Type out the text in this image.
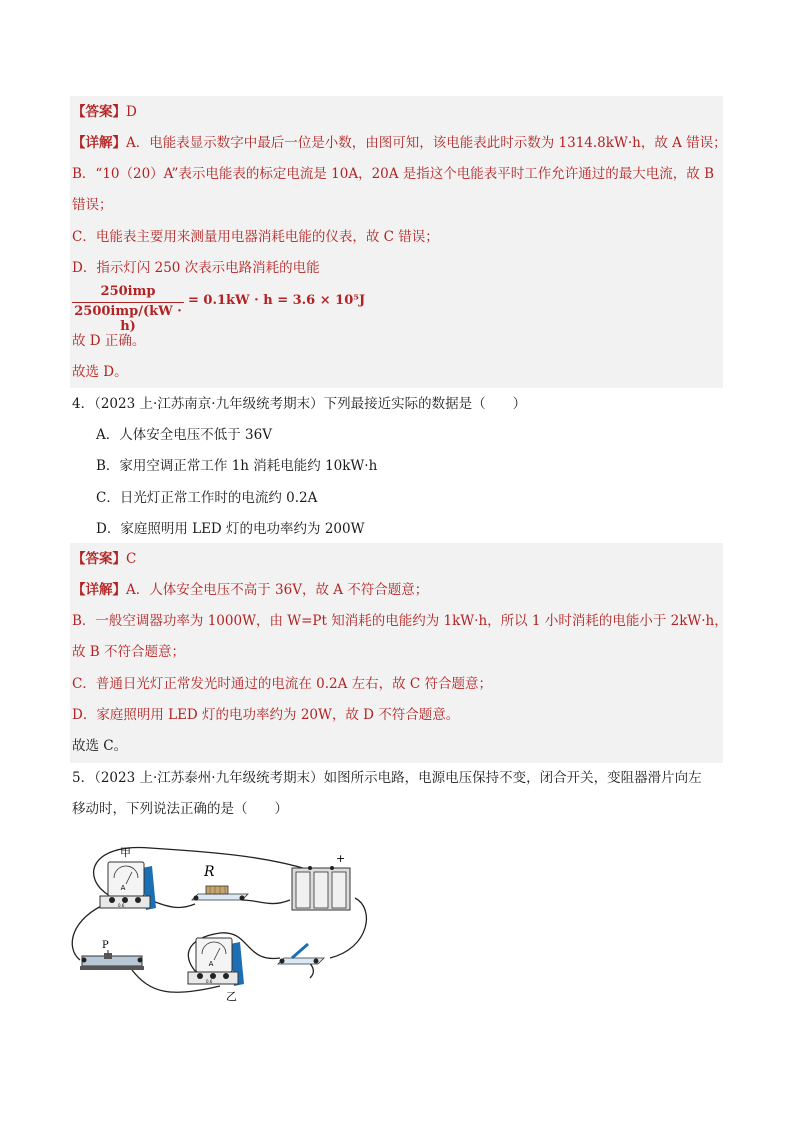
【答案】D
【详解】A．电能表显示数字中最后一位是小数，由图可知，该电能表此时示数为 1314.8kW·h，故 A 错误；
B．“10（20）A”表示电能表的标定电流是 10A，20A 是指这个电能表平时工作允许通过的最大电流，故 B
错误；
C．电能表主要用来测量用电器消耗电能的仪表，故 C 错误；
D．指示灯闪 250 次表示电路消耗的电能
250imp
2500imp/(kW · h)
= 0.1kW · h = 3.6 × 10⁵J
故 D 正确。
故选 D。
4．（2023 上·江苏南京·九年级统考期末）下列最接近实际的数据是（　　）
A．人体安全电压不低于 36V
B．家用空调正常工作 1h 消耗电能约 10kW·h
C．日光灯正常工作时的电流约 0.2A
D．家庭照明用 LED 灯的电功率约为 200W
【答案】C
【详解】A．人体安全电压不高于 36V，故 A 不符合题意；
B．一般空调器功率为 1000W，由 W=Pt 知消耗的电能约为 1kW·h，所以 1 小时消耗的电能小于 2kW·h，
故 B 不符合题意；
C．普通日光灯正常发光时通过的电流在 0.2A 左右，故 C 符合题意；
D．家庭照明用 LED 灯的电功率约为 20W，故 D 不符合题意。
故选 C。
5．（2023 上·江苏泰州·九年级统考期末）如图所示电路，电源电压保持不变，闭合开关，变阻器滑片向左
移动时，下列说法正确的是（　　）
A
0.6
甲
R
+
P
A
0.6
乙
